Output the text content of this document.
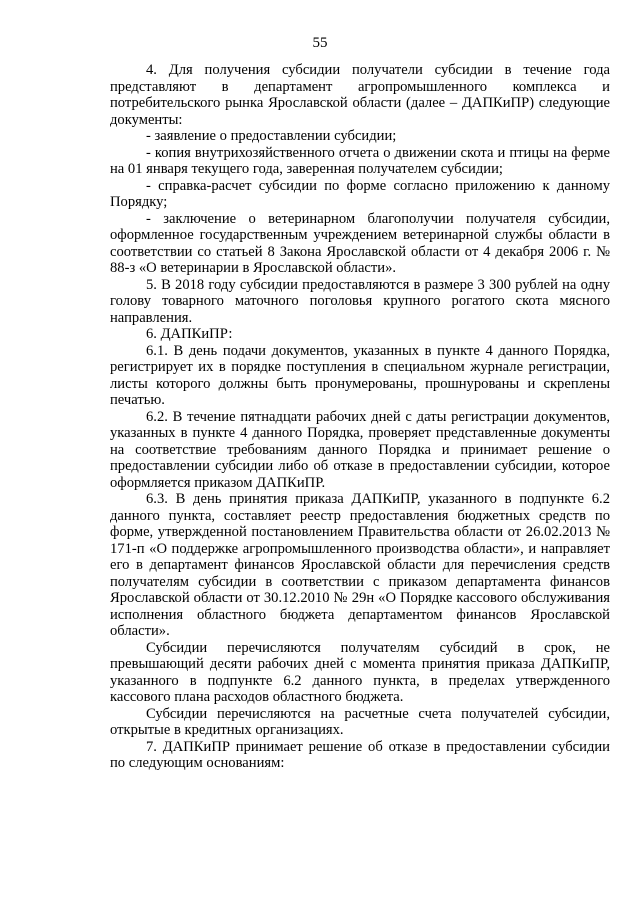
55

4. Для получения субсидии получатели субсидии в течение года представляют в департамент агропромышленного комплекса и потребительского рынка Ярославской области (далее – ДАПКиПР) следующие документы:

- заявление о предоставлении субсидии;

- копия внутрихозяйственного отчета о движении скота и птицы на ферме на 01 января текущего года, заверенная получателем субсидии;

- справка-расчет субсидии по форме согласно приложению к данному Порядку;

- заключение о ветеринарном благополучии получателя субсидии, оформленное государственным учреждением ветеринарной службы области в соответствии со статьей 8 Закона Ярославской области от 4 декабря 2006 г. № 88-з «О ветеринарии в Ярославской области».

5. В 2018 году субсидии предоставляются в размере 3 300 рублей на одну голову товарного маточного поголовья крупного рогатого скота мясного направления.

6. ДАПКиПР:

6.1. В день подачи документов, указанных в пункте 4 данного Порядка, регистрирует их в порядке поступления в специальном журнале регистрации, листы которого должны быть пронумерованы, прошнурованы и скреплены печатью.

6.2. В течение пятнадцати рабочих дней с даты регистрации документов, указанных в пункте 4 данного Порядка, проверяет представленные документы на соответствие требованиям данного Порядка и принимает решение о предоставлении субсидии либо об отказе в предоставлении субсидии, которое оформляется приказом ДАПКиПР.

6.3. В день принятия приказа ДАПКиПР, указанного в подпункте 6.2 данного пункта, составляет реестр предоставления бюджетных средств по форме, утвержденной постановлением Правительства области от 26.02.2013 № 171-п «О поддержке агропромышленного производства области», и направляет его в департамент финансов Ярославской области для перечисления средств получателям субсидии в соответствии с приказом департамента финансов Ярославской области от 30.12.2010 № 29н «О Порядке кассового обслуживания исполнения областного бюджета департаментом финансов Ярославской области».

Субсидии перечисляются получателям субсидий в срок, не превышающий десяти рабочих дней с момента принятия приказа ДАПКиПР, указанного в подпункте 6.2 данного пункта, в пределах утвержденного кассового плана расходов областного бюджета.

Субсидии перечисляются на расчетные счета получателей субсидии, открытые в кредитных организациях.

7. ДАПКиПР принимает решение об отказе в предоставлении субсидии по следующим основаниям:
